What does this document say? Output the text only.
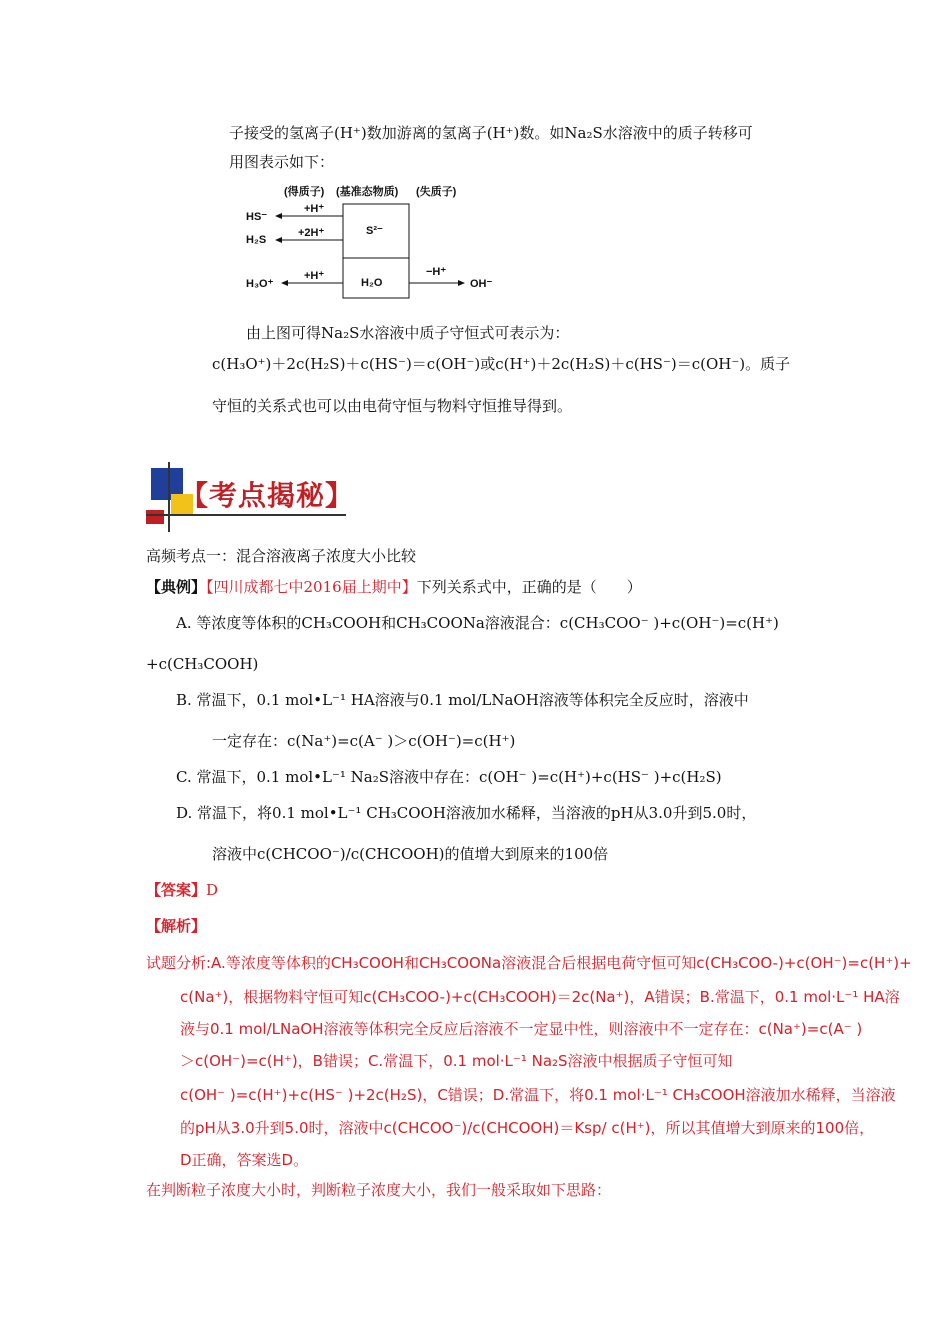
子接受的氢离子(H⁺)数加游离的氢离子(H⁺)数。如Na₂S水溶液中的质子转移可
用图表示如下：
(得质子) (基准态物质) (失质子)
HS⁻
H₂S
H₃O⁺
+H⁺
+2H⁺
+H⁺
S²⁻
H₂O
−H⁺
OH⁻
由上图可得Na₂S水溶液中质子守恒式可表示为：
c(H₃O⁺)＋2c(H₂S)＋c(HS⁻)＝c(OH⁻)或c(H⁺)＋2c(H₂S)＋c(HS⁻)＝c(OH⁻)。质子
守恒的关系式也可以由电荷守恒与物料守恒推导得到。
【考点揭秘】
高频考点一：混合溶液离子浓度大小比较
【典例】【四川成都七中2016届上期中】下列关系式中，正确的是（　　）
A. 等浓度等体积的CH₃COOH和CH₃COONa溶液混合：c(CH₃COO⁻ )+c(OH⁻)=c(H⁺)
+c(CH₃COOH)
B. 常温下，0.1 mol•L⁻¹ HA溶液与0.1 mol/LNaOH溶液等体积完全反应时，溶液中
一定存在：c(Na⁺)=c(A⁻ )＞c(OH⁻)=c(H⁺)
C. 常温下，0.1 mol•L⁻¹ Na₂S溶液中存在：c(OH⁻ )=c(H⁺)+c(HS⁻ )+c(H₂S)
D. 常温下，将0.1 mol•L⁻¹ CH₃COOH溶液加水稀释，当溶液的pH从3.0升到5.0时，
溶液中c(CHCOO⁻)/c(CHCOOH)的值增大到原来的100倍
【答案】D
【解析】
试题分析:A.等浓度等体积的CH₃COOH和CH₃COONa溶液混合后根据电荷守恒可知c(CH₃COO-)+c(OH⁻)=c(H⁺)+
c(Na⁺)，根据物料守恒可知c(CH₃COO-)+c(CH₃COOH)＝2c(Na⁺)，A错误；B.常温下，0.1 mol·L⁻¹ HA溶
液与0.1 mol/LNaOH溶液等体积完全反应后溶液不一定显中性，则溶液中不一定存在：c(Na⁺)=c(A⁻ )
＞c(OH⁻)=c(H⁺)，B错误；C.常温下，0.1 mol·L⁻¹ Na₂S溶液中根据质子守恒可知
c(OH⁻ )=c(H⁺)+c(HS⁻ )+2c(H₂S)，C错误；D.常温下，将0.1 mol·L⁻¹ CH₃COOH溶液加水稀释，当溶液
的pH从3.0升到5.0时，溶液中c(CHCOO⁻)/c(CHCOOH)＝Ksp/ c(H⁺)，所以其值增大到原来的100倍，
D正确，答案选D。
在判断粒子浓度大小时，判断粒子浓度大小，我们一般采取如下思路：
